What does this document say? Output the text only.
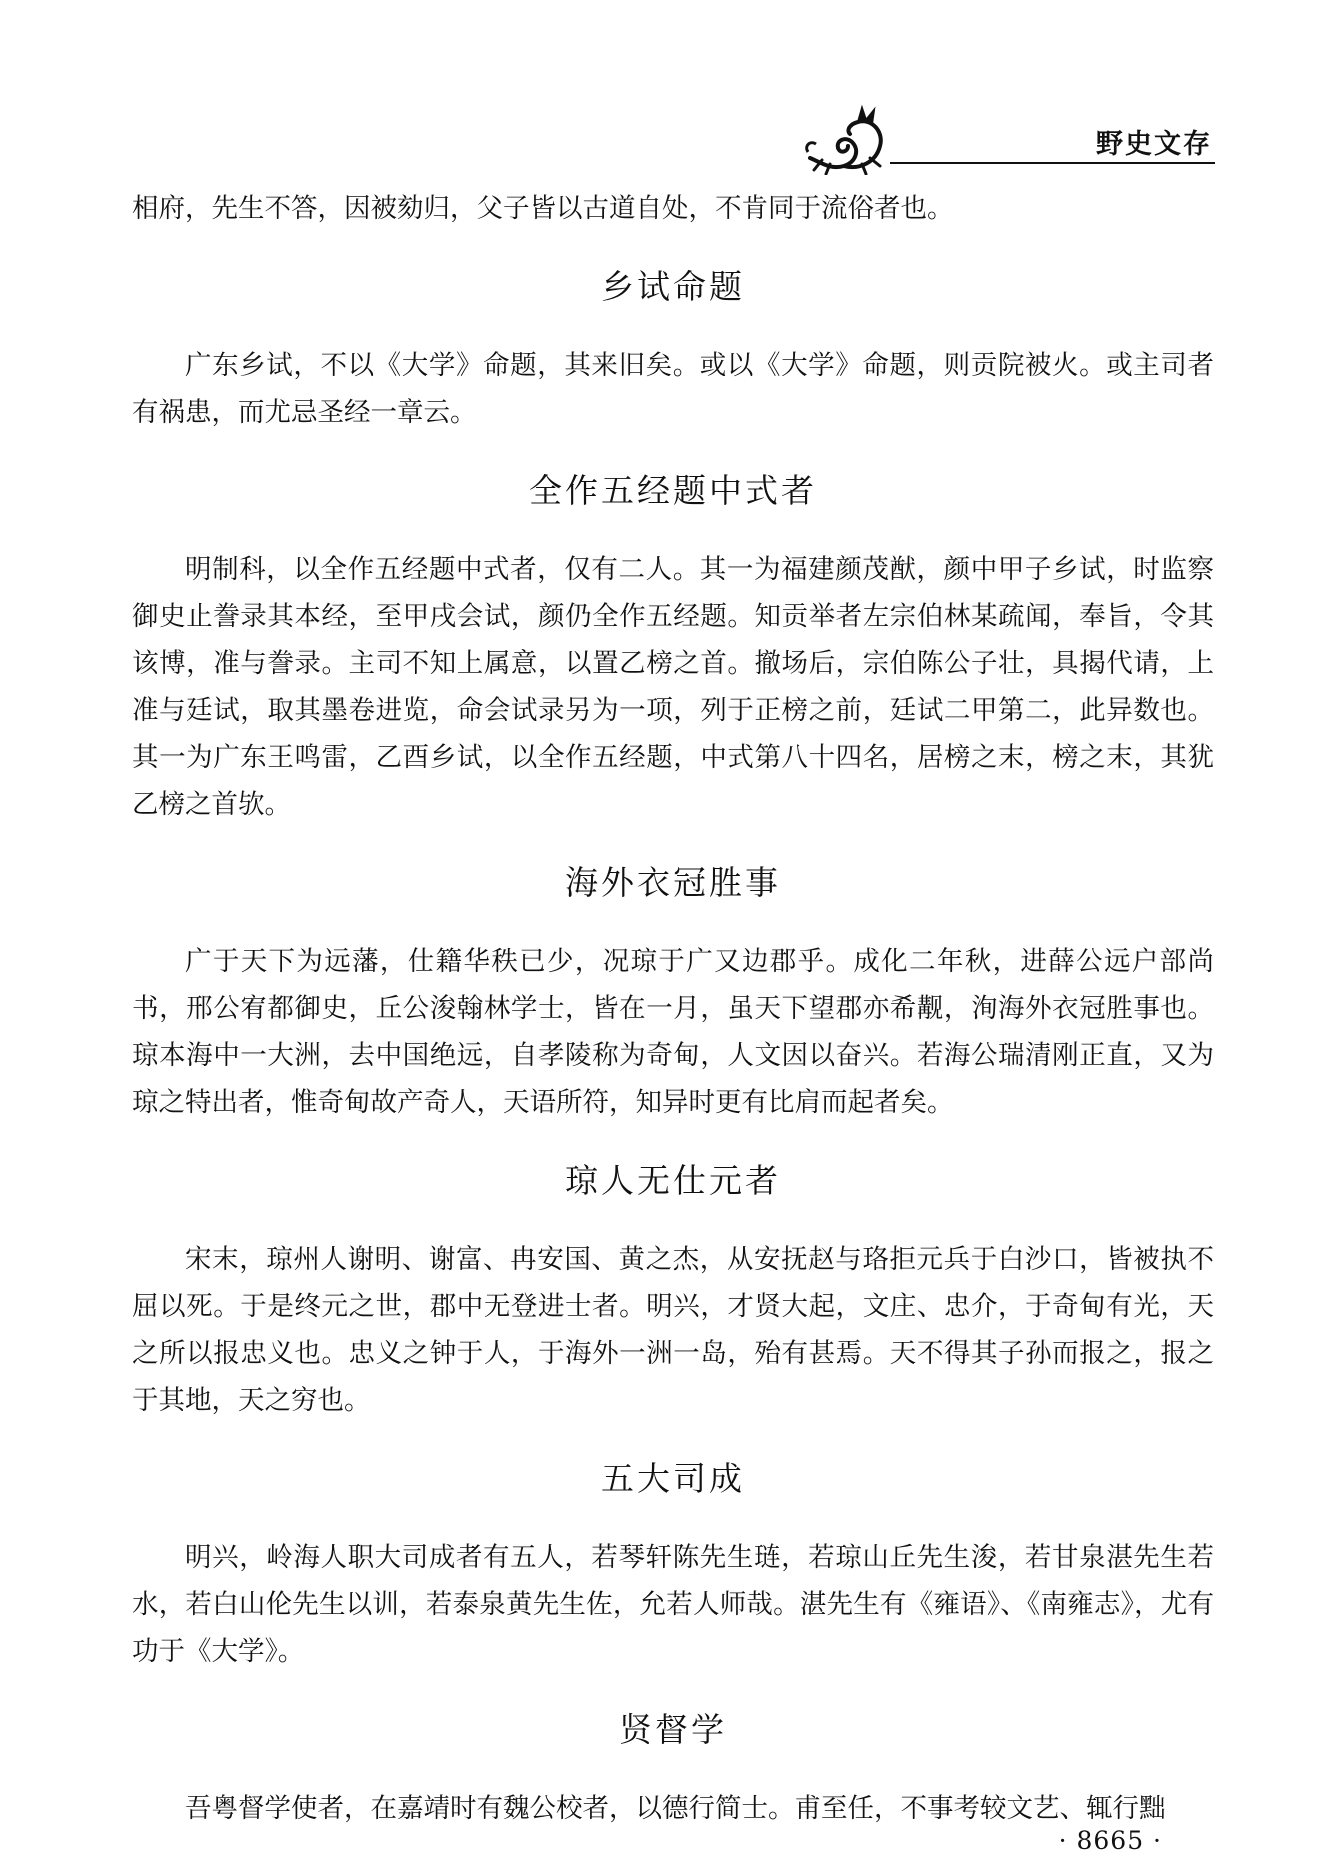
野史文存

相府，先生不答，因被劾归，父子皆以古道自处，不肯同于流俗者也。

乡试命题

广东乡试，不以《大学》命题，其来旧矣。或以《大学》命题，则贡院被火。或主司者有祸患，而尤忌圣经一章云。

全作五经题中式者

明制科，以全作五经题中式者，仅有二人。其一为福建颜茂猷，颜中甲子乡试，时监察御史止誊录其本经，至甲戌会试，颜仍全作五经题。知贡举者左宗伯林某疏闻，奉旨，令其该博，准与誊录。主司不知上属意，以置乙榜之首。撤场后，宗伯陈公子壮，具揭代请，上准与廷试，取其墨卷进览，命会试录另为一项，列于正榜之前，廷试二甲第二，此异数也。其一为广东王鸣雷，乙酉乡试，以全作五经题，中式第八十四名，居榜之末，榜之末，其犹乙榜之首欤。

海外衣冠胜事

广于天下为远藩，仕籍华秩已少，况琼于广又边郡乎。成化二年秋，进薛公远户部尚书，邢公宥都御史，丘公浚翰林学士，皆在一月，虽天下望郡亦希觏，洵海外衣冠胜事也。琼本海中一大洲，去中国绝远，自孝陵称为奇甸，人文因以奋兴。若海公瑞清刚正直，又为琼之特出者，惟奇甸故产奇人，天语所符，知异时更有比肩而起者矣。

琼人无仕元者

宋末，琼州人谢明、谢富、冉安国、黄之杰，从安抚赵与珞拒元兵于白沙口，皆被执不屈以死。于是终元之世，郡中无登进士者。明兴，才贤大起，文庄、忠介，于奇甸有光，天之所以报忠义也。忠义之钟于人，于海外一洲一岛，殆有甚焉。天不得其子孙而报之，报之于其地，天之穷也。

五大司成

明兴，岭海人职大司成者有五人，若琴轩陈先生琏，若琼山丘先生浚，若甘泉湛先生若水，若白山伦先生以训，若泰泉黄先生佐，允若人师哉。湛先生有《雍语》、《南雍志》，尤有功于《大学》。

贤督学

吾粤督学使者，在嘉靖时有魏公校者，以德行简士。甫至任，不事考较文艺、辄行黜

· 8665 ·
